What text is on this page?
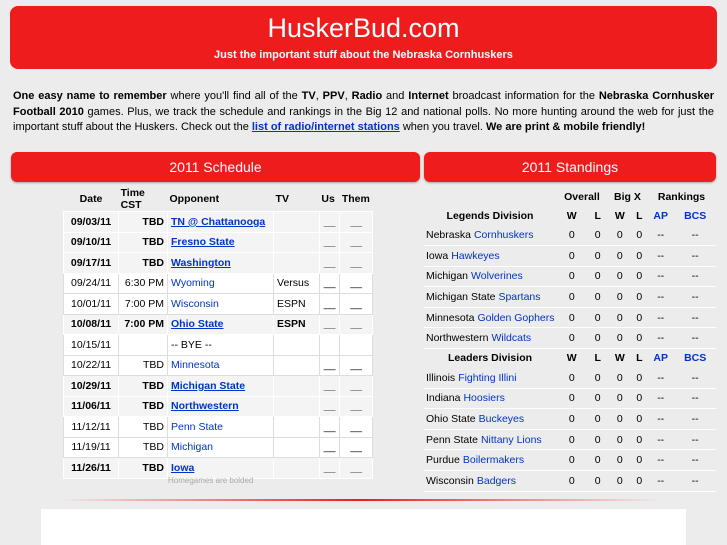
HuskerBud.com
Just the important stuff about the Nebraska Cornhuskers
One easy name to remember where you'll find all of the TV, PPV, Radio and Internet broadcast information for the Nebraska Cornhusker Football 2010 games. Plus, we track the schedule and rankings in the Big 12 and national polls. No more hunting around the web for just the important stuff about the Huskers. Check out the list of radio/internet stations when you travel. We are print & mobile friendly!
2011 Schedule	2011 Standings
Date	Time CST	Opponent	TV	Us	Them
09/03/11	TBD	TN @ Chattanooga		__	__
09/10/11	TBD	Fresno State		__	__
09/17/11	TBD	Washington		__	__
09/24/11	6:30 PM	Wyoming	Versus	__	__
10/01/11	7:00 PM	Wisconsin	ESPN	__	__
10/08/11	7:00 PM	Ohio State	ESPN	__	__
10/15/11		-- BYE --			
10/22/11	TBD	Minnesota		__	__
10/29/11	TBD	Michigan State		__	__
11/06/11	TBD	Northwestern		__	__
11/12/11	TBD	Penn State		__	__
11/19/11	TBD	Michigan		__	__
11/26/11	TBD	Iowa		__	__
Homegames are bolded
	Overall		Big X		Rankings	
Legends Division	W	L	W	L	AP	BCS
Nebraska Cornhuskers	0	0	0	0	--	--
Iowa Hawkeyes	0	0	0	0	--	--
Michigan Wolverines	0	0	0	0	--	--
Michigan State Spartans	0	0	0	0	--	--
Minnesota Golden Gophers	0	0	0	0	--	--
Northwestern Wildcats	0	0	0	0	--	--
Leaders Division	W	L	W	L	AP	BCS
Illinois Fighting Illini	0	0	0	0	--	--
Indiana Hoosiers	0	0	0	0	--	--
Ohio State Buckeyes	0	0	0	0	--	--
Penn State Nittany Lions	0	0	0	0	--	--
Purdue Boilermakers	0	0	0	0	--	--
Wisconsin Badgers	0	0	0	0	--	--
